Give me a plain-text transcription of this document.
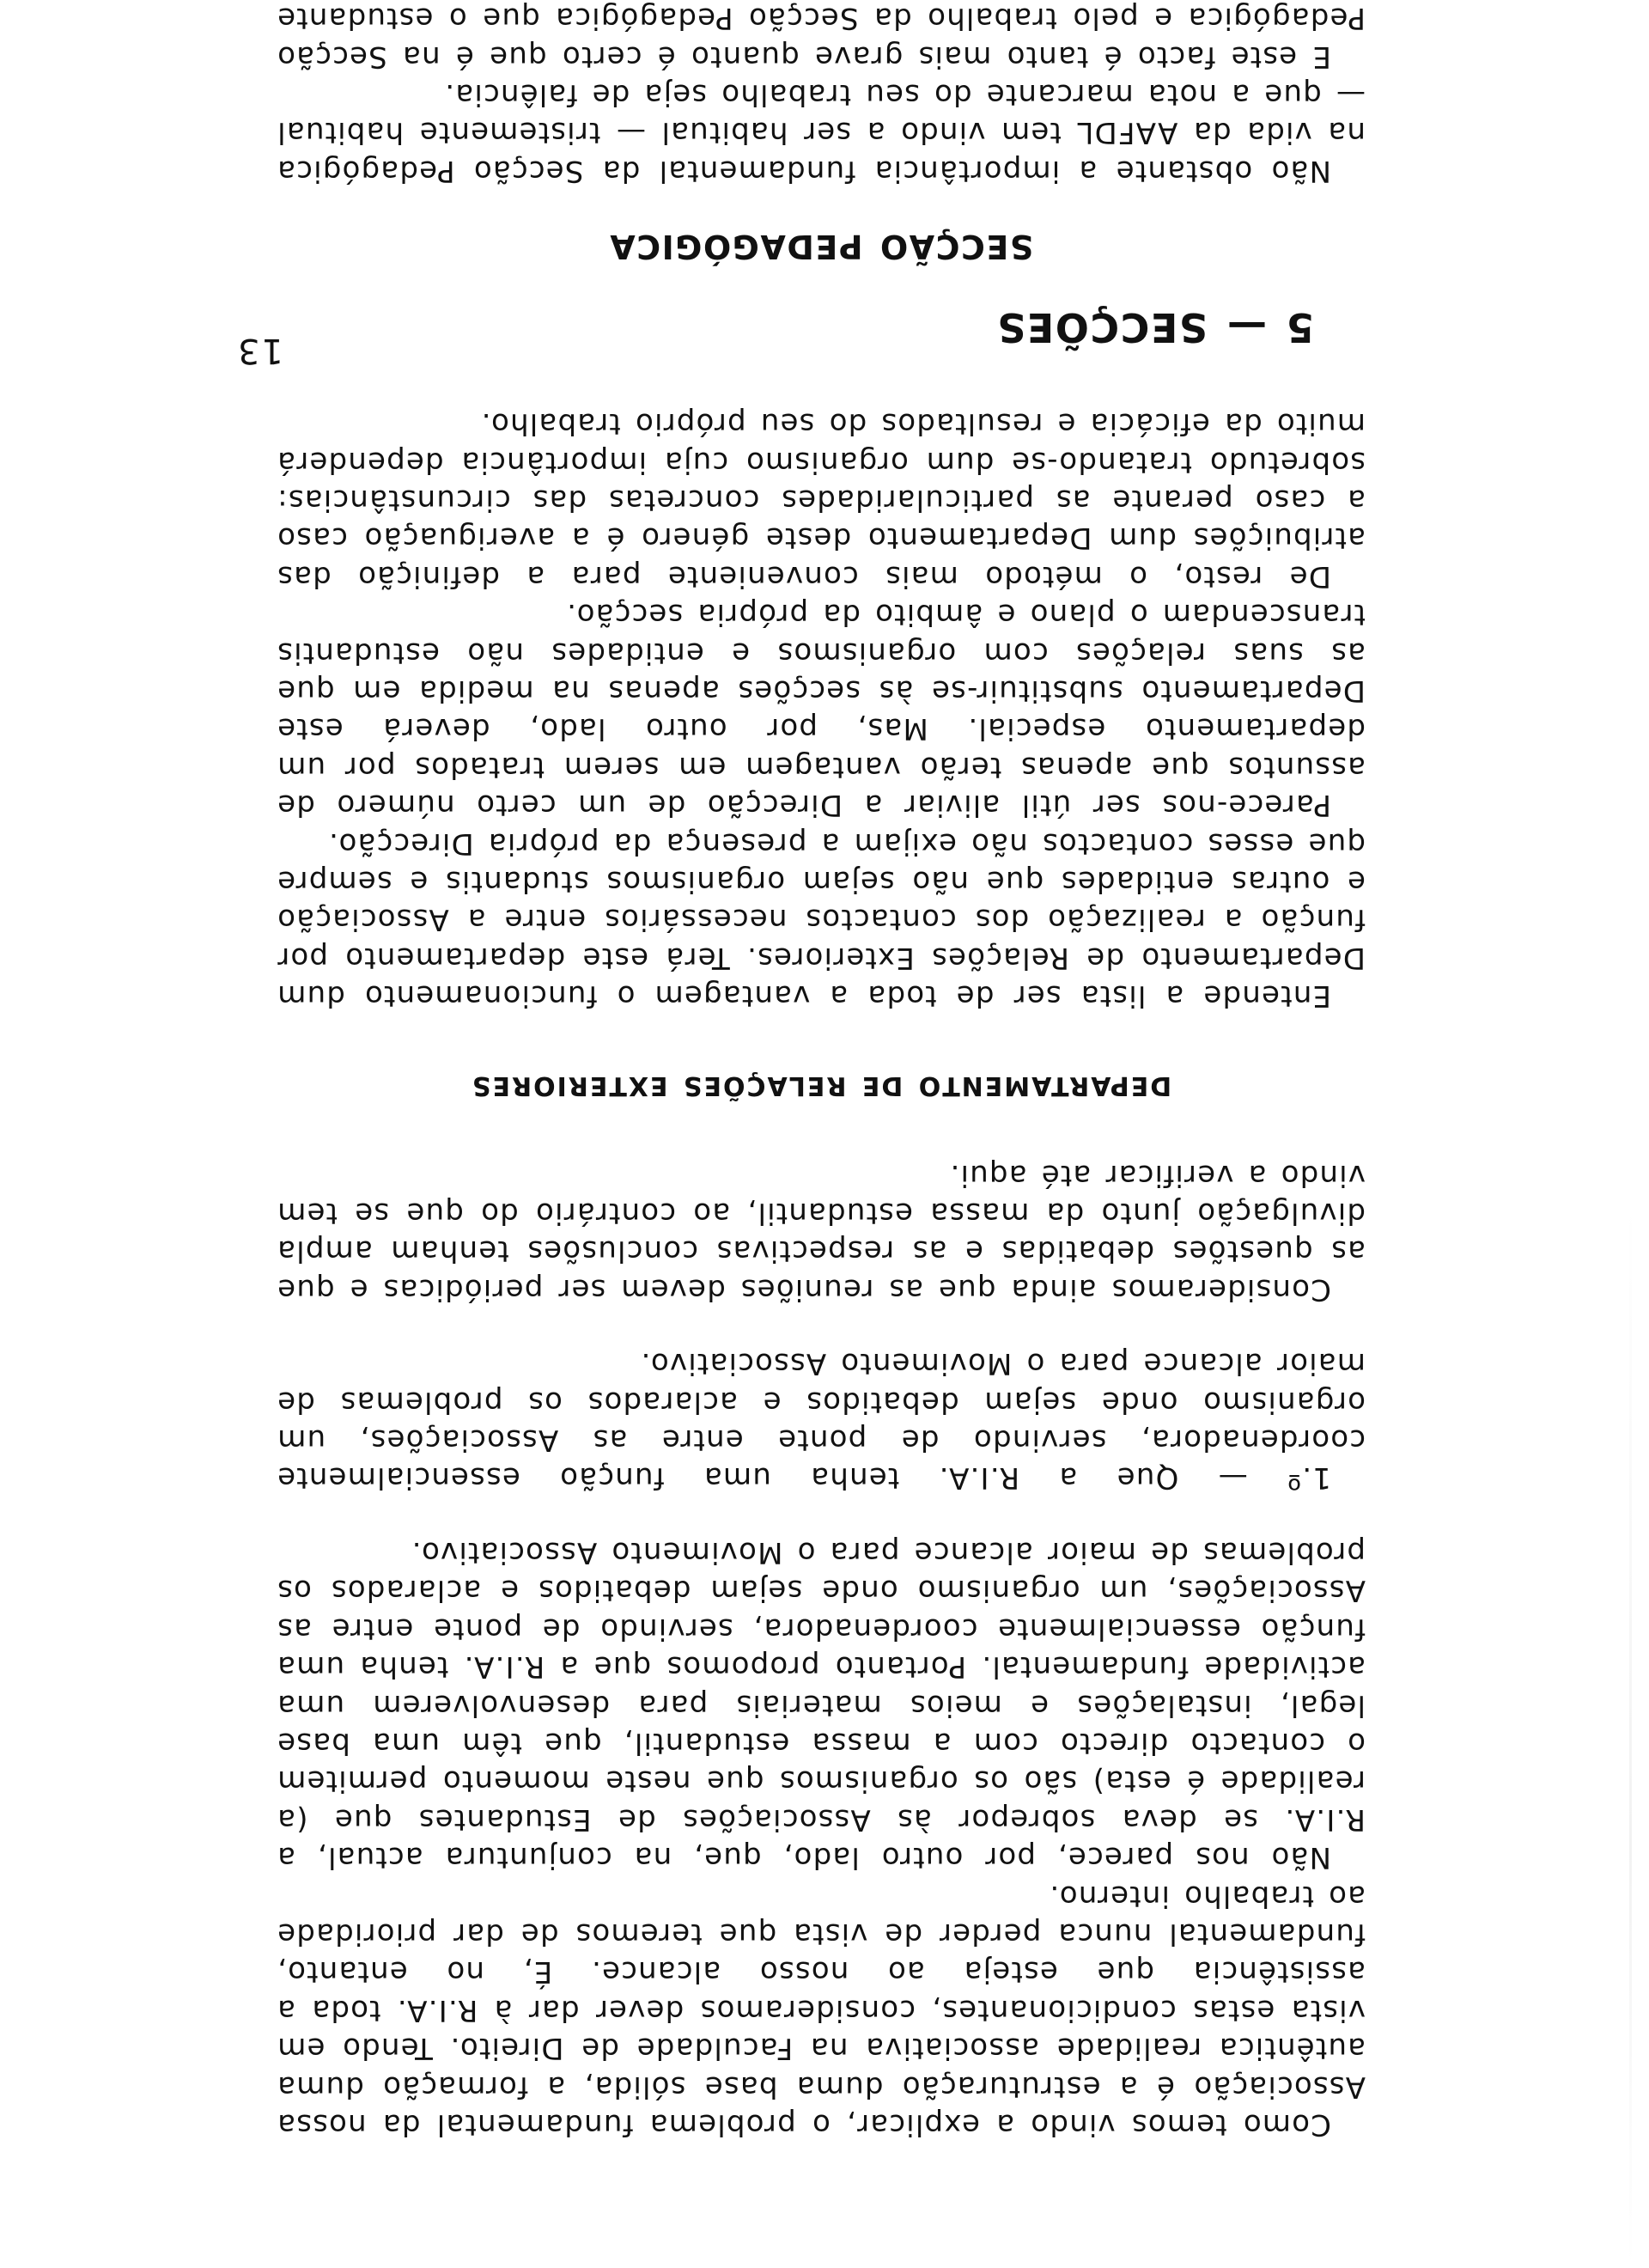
Como temos vindo a explicar, o problema fundamental da nossa Associação é a estruturação duma base sólida, a formação duma autêntica realidade associativa na Faculdade de Direito. Tendo em vista estas condicionantes, consideramos dever dar à R.I.A. toda a assistência que esteja ao nosso alcance. É, no entanto, fundamental nunca perder de vista que teremos de dar prioridade ao trabalho interno.

Não nos parece, por outro lado, que, na conjuntura actual, a R.I.A. se deva sobrepor às Associações de Estudantes que (a realidade é esta) são os organismos que neste momento permitem o contacto directo com a massa estudantil, que têm uma base legal, instalações e meios materiais para desenvolverem uma actividade fundamental. Portanto propomos que a R.I.A. tenha uma função essencialmente coordenadora, servindo de ponte entre as Associações, um organismo onde sejam debatidos e aclarados os problemas de maior alcance para o Movimento Associativo.

1.º — Que a R.I.A. tenha uma função essencialmente coordenadora, servindo de ponte entre as Associações, um organismo onde sejam debatidos e aclarados os problemas de maior alcance para o Movimento Associativo.

Consideramos ainda que as reuniões devem ser periódicas e que as questões debatidas e as respectivas conclusões tenham ampla divulgação junto da massa estudantil, ao contrário do que se tem vindo a verificar até aqui.

DEPARTAMENTO DE RELAÇÕES EXTERIORES

Entende a lista ser de toda a vantagem o funcionamento dum Departamento de Relações Exteriores. Terá este departamento por função a realização dos contactos necessários entre a Associação e outras entidades que não sejam organismos studantis e sempre que esses contactos não exijam a presença da própria Direcção.

Parece-nos ser útil aliviar a Direcção de um certo número de assuntos que apenas terão vantagem em serem tratados por um departamento especial. Mas, por outro lado, deverá este Departamento substituir-se às secções apenas na medida em que as suas relações com organismos e entidades não estudantis transcendam o plano e âmbito da própria secção.

De resto, o método mais conveniente para a definição das atribuições dum Departamento deste género é a averiguação caso a caso perante as particularidades concretas das circunstâncias: sobretudo tratando-se dum organismo cuja importância dependerá muito da eficácia e resultados do seu próprio trabalho.

5 — SECÇÕES
SECÇÃO PEDAGÓGICA

Não obstante a importância fundamental da Secção Pedagógica na vida da AAFDL tem vindo a ser habitual — tristemente habitual — que a nota marcante do seu trabalho seja de falência.

E este facto é tanto mais grave quanto é certo que é na Secção Pedagógica e pelo trabalho da Secção Pedagógica que o estudante

13
